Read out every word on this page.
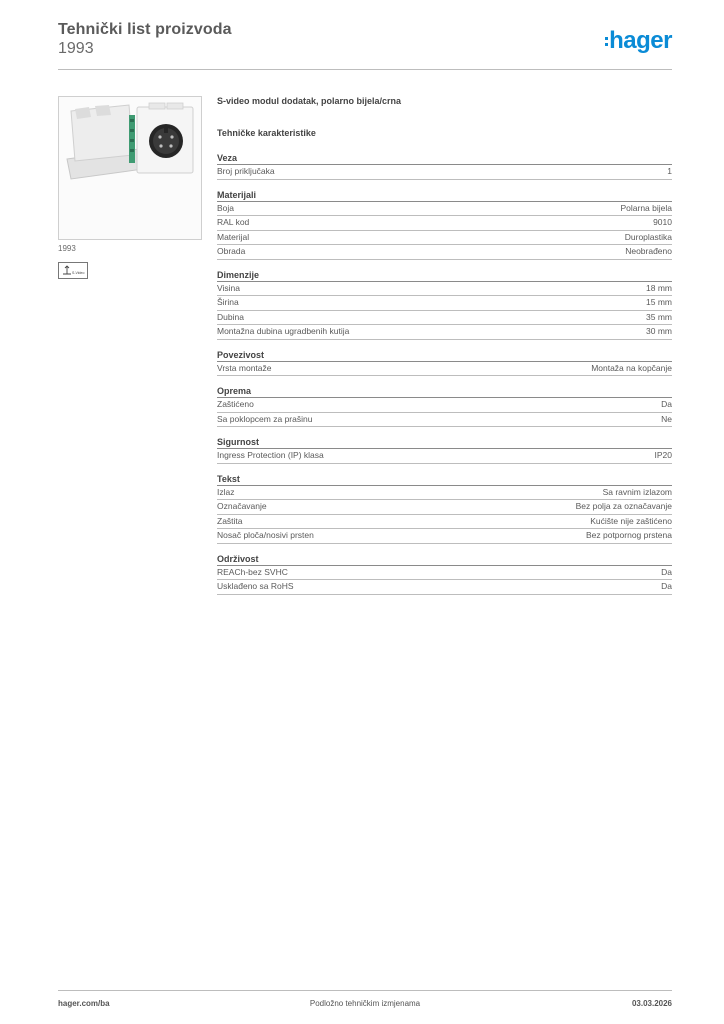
Tehnički list proizvoda
1993	hager
1993
S-Video
S-video modul dodatak, polarno bijela/crna
Tehničke karakteristike
Veza
Broj priključaka	1
Materijali
Boja	Polarna bijela
RAL kod	9010
Materijal	Duroplastika
Obrada	Neobrađeno
Dimenzije
Visina	18 mm
Širina	15 mm
Dubina	35 mm
Montažna dubina ugradbenih kutija	30 mm
Povezivost
Vrsta montaže	Montaža na kopčanje
Oprema
Zaštićeno	Da
Sa poklopcem za prašinu	Ne
Sigurnost
Ingress Protection (IP) klasa	IP20
Tekst
Izlaz	Sa ravnim izlazom
Označavanje	Bez polja za označavanje
Zaštita	Kućište nije zaštićeno
Nosač ploča/nosivi prsten	Bez potpornog prstena
Održivost
REACh-bez SVHC	Da
Usklađeno sa RoHS	Da
hager.com/ba	Podložno tehničkim izmjenama	03.03.2026
